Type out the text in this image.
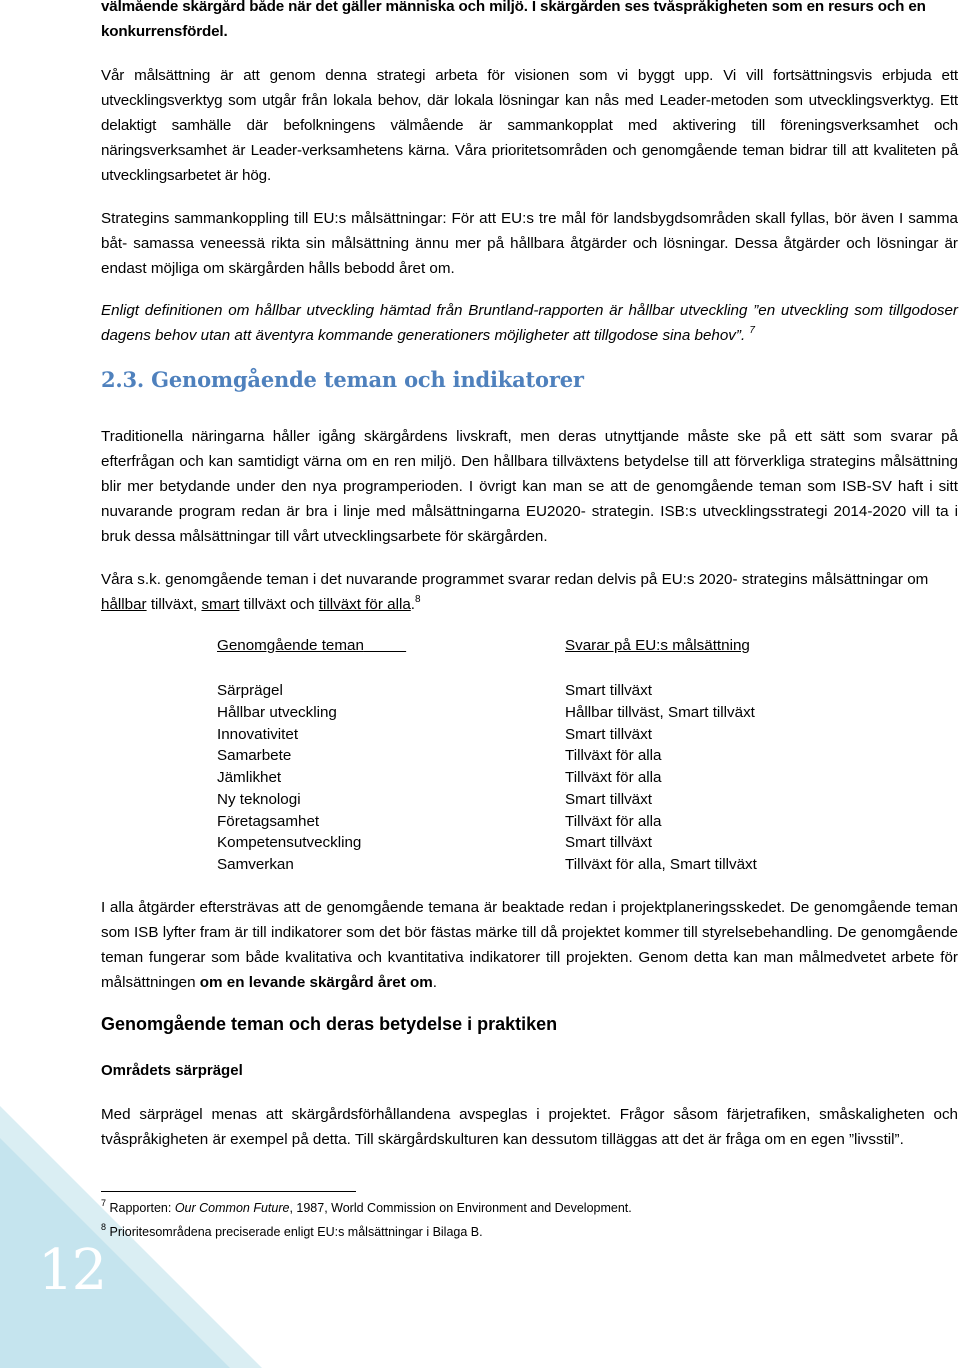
12
välmående skärgård både när det gäller människa och miljö. I skärgården ses tvåspråkigheten som en resurs och en
konkurrensfördel.
Vår målsättning är att genom denna strategi arbeta för visionen som vi byggt upp. Vi vill fortsättningsvis erbjuda ett utvecklingsverktyg som utgår från lokala behov, där lokala lösningar kan nås med Leader-metoden som utvecklingsverktyg. Ett delaktigt samhälle där befolkningens välmående är sammankopplat med aktivering till föreningsverksamhet och näringsverksamhet är Leader-verksamhetens kärna. Våra prioritetsområden och genomgående teman bidrar till att kvaliteten på utvecklingsarbetet är hög.
Strategins sammankoppling till EU:s målsättningar: För att EU:s tre mål för landsbygdsområden skall fyllas, bör även I samma båt- samassa veneessä rikta sin målsättning ännu mer på hållbara åtgärder och lösningar. Dessa åtgärder och lösningar är endast möjliga om skärgården hålls bebodd året om.
Enligt definitionen om hållbar utveckling hämtad från Bruntland-rapporten är hållbar utveckling ”en utveckling som tillgodoser dagens behov utan att äventyra kommande generationers möjligheter att tillgodose sina behov”. $^7$
2.3. Genomgående teman och indikatorer
Traditionella näringarna håller igång skärgårdens livskraft, men deras utnyttjande måste ske på ett sätt som svarar på efterfrågan och kan samtidigt värna om en ren miljö. Den hållbara tillväxtens betydelse till att förverkliga strategins målsättning blir mer betydande under den nya programperioden. I övrigt kan man se att de genomgående teman som ISB-SV haft i sitt nuvarande program redan är bra i linje med målsättningarna EU2020- strategin. ISB:s utvecklingsstrategi 2014-2020 vill ta i bruk dessa målsättningar till vårt utvecklingsarbete för skärgården.
Våra s.k. genomgående teman i det nuvarande programmet svarar redan delvis på EU:s 2020- strategins målsättningar om hållbar tillväxt, smart tillväxt och tillväxt för alla.$^8$
Genomgående teman	Svarar på EU:s målsättning
Särprägel
Hållbar utveckling
Innovativitet
Samarbete
Jämlikhet
Ny teknologi
Företagsamhet
Kompetensutveckling
Samverkan
Smart tillväxt
Hållbar tillväst, Smart tillväxt
Smart tillväxt
Tillväxt för alla
Tillväxt för alla
Smart tillväxt
Tillväxt för alla
Smart tillväxt
Tillväxt för alla, Smart tillväxt
I alla åtgärder eftersträvas att de genomgående temana är beaktade redan i projektplaneringsskedet. De genomgående teman som ISB lyfter fram är till indikatorer som det bör fästas märke till då projektet kommer till styrelsebehandling. De genomgående teman fungerar som både kvalitativa och kvantitativa indikatorer till projekten. Genom detta kan man målmedvetet arbete för målsättningen om en levande skärgård året om.
Genomgående teman och deras betydelse i praktiken
Områdets särprägel
Med särprägel menas att skärgårdsförhållandena avspeglas i projektet. Frågor såsom färjetrafiken, småskaligheten och tvåspråkigheten är exempel på detta. Till skärgårdskulturen kan dessutom tilläggas att det är fråga om en egen ”livsstil”.
$^7$ Rapporten: Our Common Future, 1987, World Commission on Environment and Development.
$^8$ Prioritesområdena preciserade enligt EU:s målsättningar i Bilaga B.
